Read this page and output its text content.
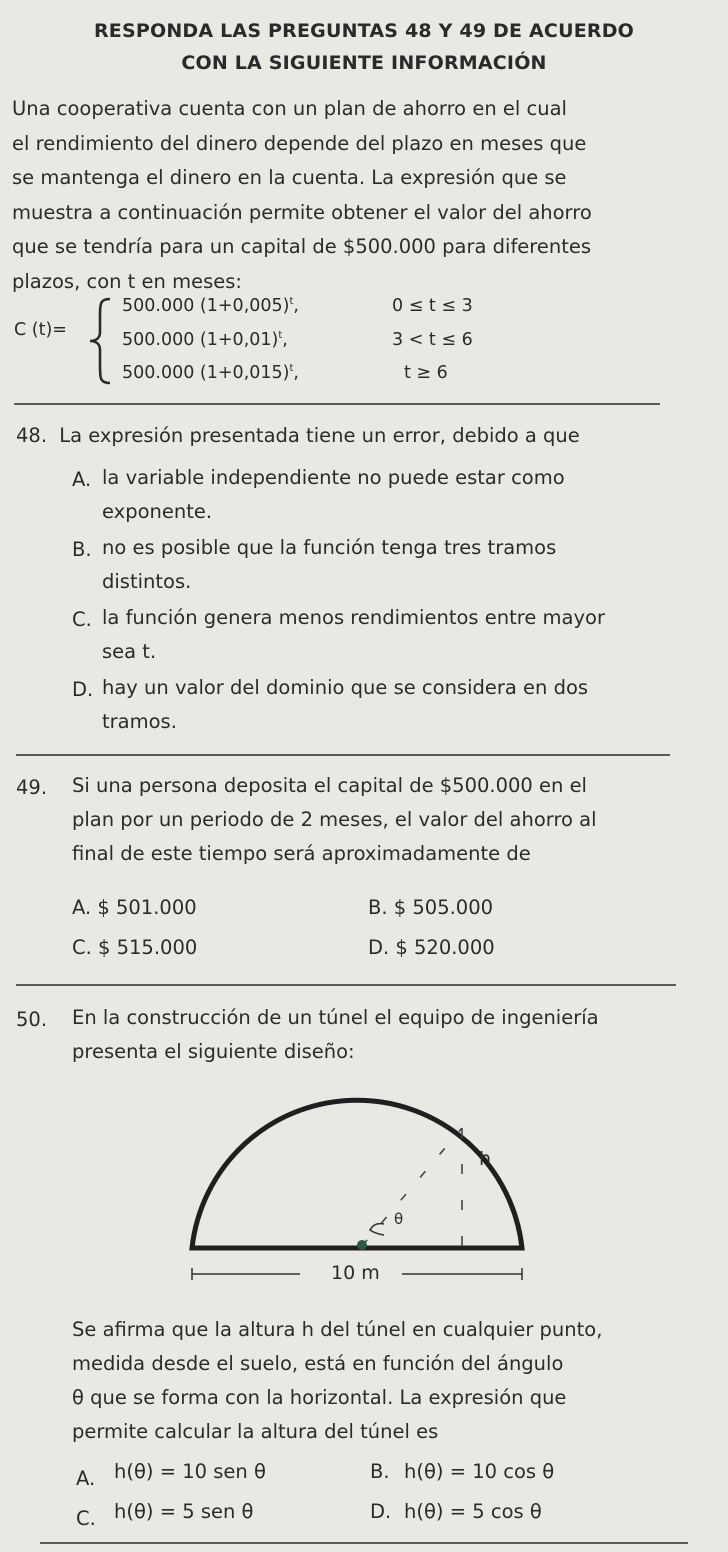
RESPONDA LAS PREGUNTAS 48 Y 49 DE ACUERDO
CON LA SIGUIENTE INFORMACIÓN
Una cooperativa cuenta con un plan de ahorro en el cual
el rendimiento del dinero depende del plazo en meses que
se mantenga el dinero en la cuenta. La expresión que se
muestra a continuación permite obtener el valor del ahorro
que se tendría para un capital de $500.000 para diferentes
plazos, con t en meses:
C (t)=
500.000 $(1+0,005)^t$,	0 ≤ t ≤ 3
500.000 $(1+0,01)^t$,	3 < t ≤ 6
500.000 $(1+0,015)^t$,	t ≥ 6
48. La expresión presentada tiene un error, debido a que
A. la variable independiente no puede estar como
exponente.
B. no es posible que la función tenga tres tramos
distintos.
C. la función genera menos rendimientos entre mayor
sea t.
D. hay un valor del dominio que se considera en dos
tramos.
49. Si una persona deposita el capital de $500.000 en el
plan por un periodo de 2 meses, el valor del ahorro al
final de este tiempo será aproximadamente de
A. $ 501.000	B. $ 505.000
C. $ 515.000	D. $ 520.000
50. En la construcción de un túnel el equipo de ingeniería
presenta el siguiente diseño:
h
θ
10 m
Se afirma que la altura h del túnel en cualquier punto,
medida desde el suelo, está en función del ángulo
θ que se forma con la horizontal. La expresión que
permite calcular la altura del túnel es
A. h(θ) = 10 sen θ	B. h(θ) = 10 cos θ
C. h(θ) = 5 sen θ	D. h(θ) = 5 cos θ
